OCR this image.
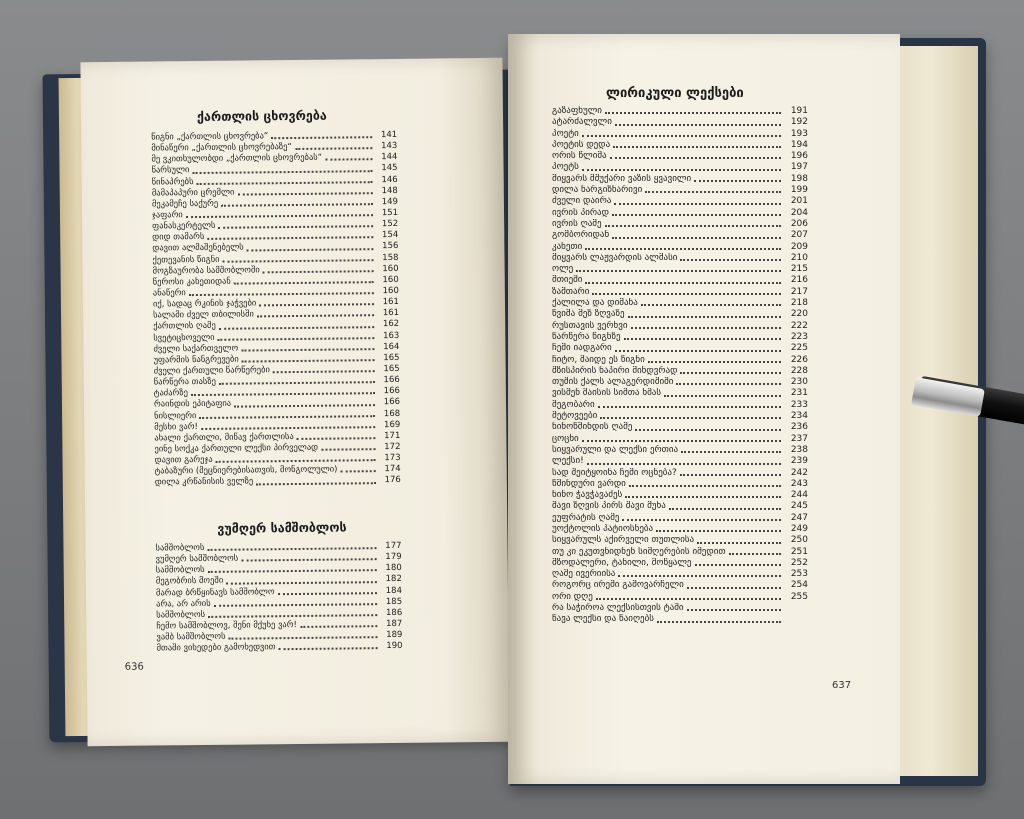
ქართლის ცხოვრება
წიგნი „ქართლის ცხოვრება“	141
მინაწერი „ქართლის ცხოვრებაზე“	143
მე ვკითხულობდი „ქართლის ცხოვრებას“	144
წარსული	145
წინაპრებს	146
მამაპაპური ცრემლი	148
მეკამეჩე საქურე	149
ჯაფარი	151
ფანასკერტელს	152
დიდ თამარს	154
დავით ალმაშენებელს	156
ქეთევანის წიგნი	158
მოგზაურობა სამშობლოში	160
წეროსი კახეთიდან	160
ანაწერი	160
იქ, სადაც რკინის ჯაჭვები	161
სალამი ძველ თბილისში	161
ქართლის ღამე	162
სვეტიცხოველი	163
ძველი საქართველო	164
უფარმის ნანგრევები	165
ძველი ქართული წარწერები	165
წარწერა თასზე	166
ტაძარზე	166
რაინდის ეპიტაფია	166
ნისლიერი	168
მესხი ვარ!	169
ახალი ქართლი, მიწავ ქართლისა	171
ეინე სოქკა ქართული ლექსი პირველად	172
დავით გარეჯა	173
ტაბაზური (მეცნიერებისათვის, მონგოლული)	174
დილა კრწანისის ველზე	176
ვუმღერ სამშობლოს
სამშობლოს	177
ვუმღერ სამშობლოს	179
სამშობლოს	180
მეგობრის მოეში	182
მარად ბრწყინავს სამშობლო	184
არა, არ არის	185
სამშობლოს	186
ჩემო სამშობლოვ, შენი მქუხე ვარ!	187
ვამბ სამშობლოს	189
მთაში ვიხედები გამოხედვით	190
636
ლირიკული ლექსები
გაზაფხული	191
ატარძალვლი	192
პოეტი	193
პოეტის დედა	194
ორის წლიმა	196
პოეტს	197
მიყვარს მშუქარი ვაზის ყვავილი	198
დილა ნარგიზნარივი	199
ძველი დაირა	201
ივრის პირად	204
ივრის ღამე	206
გომბორიდან	207
კახეთი	209
მიყვარს ლაჟვარდის ალმასი	210
ოლე	215
მთიეში	216
ზამთარი	217
ქალილა და დიმანა	218
წვიმა მეზ ზღვაზე	220
რუსთავის ვერხვი	222
წარწერა წიგნზე	223
ჩემი იადგარი	225
ჩიტო, შაიდე ეს წიგნი	226
შზისპირის ნაპირი მინდვრად	228
თუშის ქალს ალაგერდიშიში	230
ვისმენ მაისის სიმთა ხმას	231
მეგობარი	233
მეტოვეები	234
ნინოწმინდის ღამე	236
ცოცხი	237
სიყვარული და ლექსი ერთია	238
ლექსი!	239
სად შეიტყოინა ჩემი ოცნება?	242
წმინდური ვარდი	243
ნინო ჭავჭავაძეს	244
შავი ზღვის პირს შავი მუხა	245
ეუფრატის ღამე	247
უოქტოლის პატიოსნება	249
სიყვარულს აქირველი თუთლისა	250
თუ კი ეკუთვნიდნენ სიმღერების იმედით	251
მზოდალერი, ტანილი, მოწყალე	252
ღამე ივერიისა	253
როგორც ირემი გამოვარჩელი	254
ორი დღე	255
რა საჭიროა ლექსისთვის ტაში
წავა ლექსი და წაიღებს
637
